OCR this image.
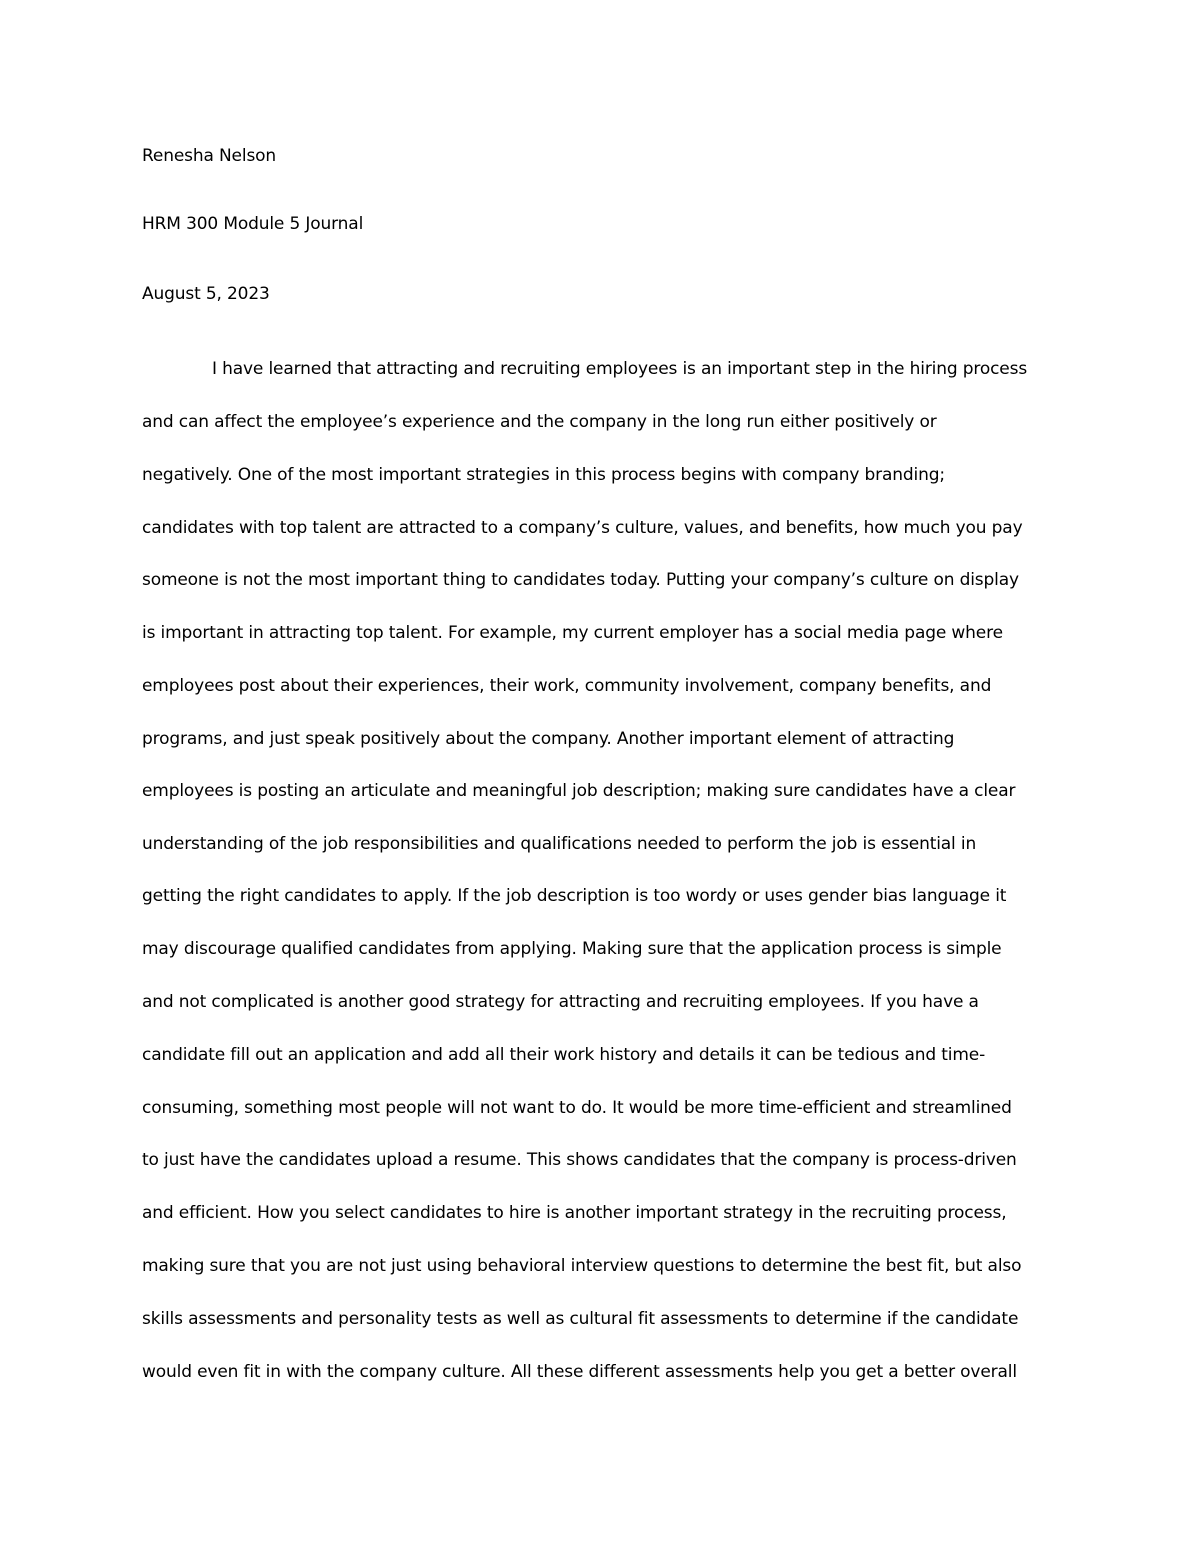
Renesha Nelson
HRM 300 Module 5 Journal
August 5, 2023
I have learned that attracting and recruiting employees is an important step in the hiring process
and can affect the employee’s experience and the company in the long run either positively or
negatively. One of the most important strategies in this process begins with company branding;
candidates with top talent are attracted to a company’s culture, values, and benefits, how much you pay
someone is not the most important thing to candidates today. Putting your company’s culture on display
is important in attracting top talent. For example, my current employer has a social media page where
employees post about their experiences, their work, community involvement, company benefits, and
programs, and just speak positively about the company. Another important element of attracting
employees is posting an articulate and meaningful job description; making sure candidates have a clear
understanding of the job responsibilities and qualifications needed to perform the job is essential in
getting the right candidates to apply. If the job description is too wordy or uses gender bias language it
may discourage qualified candidates from applying. Making sure that the application process is simple
and not complicated is another good strategy for attracting and recruiting employees. If you have a
candidate fill out an application and add all their work history and details it can be tedious and time-
consuming, something most people will not want to do. It would be more time-efficient and streamlined
to just have the candidates upload a resume. This shows candidates that the company is process-driven
and efficient. How you select candidates to hire is another important strategy in the recruiting process,
making sure that you are not just using behavioral interview questions to determine the best fit, but also
skills assessments and personality tests as well as cultural fit assessments to determine if the candidate
would even fit in with the company culture. All these different assessments help you get a better overall
